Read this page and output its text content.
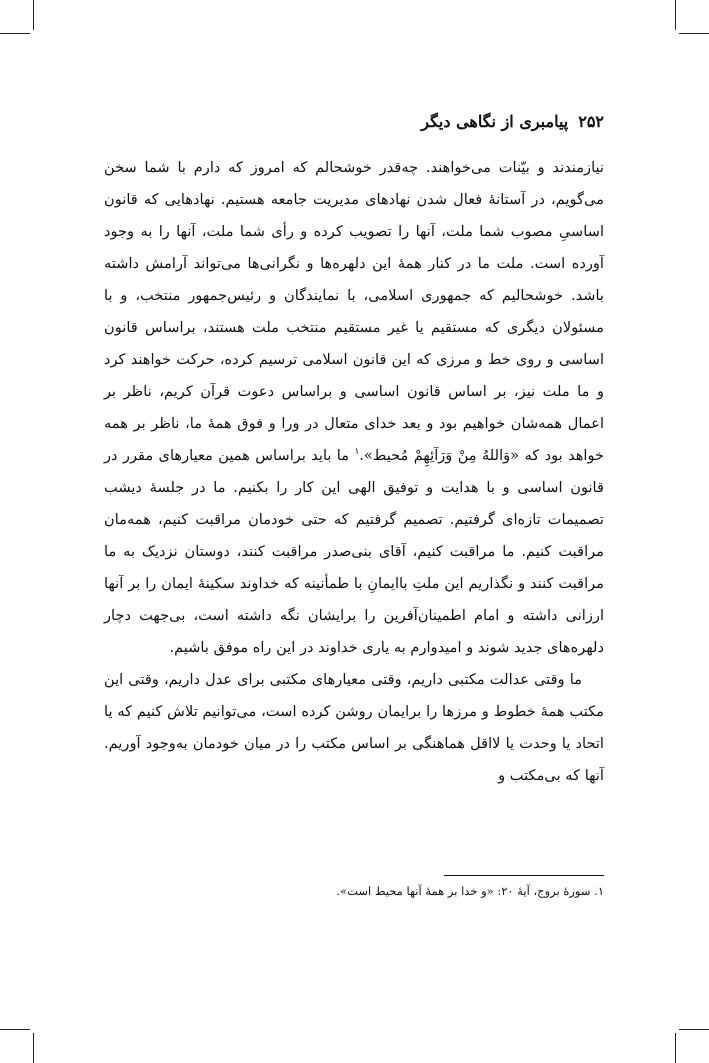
۲۵۲
پیامبری از نگاهی دیگر

نیازمندند و بیّنات می‌خواهند. چه‌قدر خوشحالم که امروز که دارم با شما سخن می‌گویم، در آستانهٔ فعال شدن نهادهای مدیریت جامعه هستیم. نهادهایی که قانون اساسیِ مصوب شما ملت، آنها را تصویب کرده و رأی شما ملت، آنها را به وجود آورده است. ملت ما در کنار همهٔ این دلهره‌ها و نگرانی‌ها می‌تواند آرامش داشته باشد. خوشحالیم که جمهوری اسلامی، با نمایندگان و رئیس‌جمهور منتخب، و با مسئولان دیگری که مستقیم یا غیر مستقیم منتخب ملت هستند، براساس قانون اساسی و روی خط و مرزی که این قانون اسلامی ترسیم کرده، حرکت خواهند کرد و ما ملت نیز، بر اساس قانون اساسی و براساس دعوت قرآن کریم، ناظر بر اعمال همه‌شان خواهیم بود و بعد خدای متعال در ورا و فوق همهٔ ما، ناظر بر همه خواهد بود که «وَاللهُ مِنْ وَرَآئِهِمْ مُحیط».$^۱$ ما باید براساس همین معیارهای مقرر در قانون اساسی و با هدایت و توفیق الهی این کار را بکنیم. ما در جلسهٔ دیشب تصمیمات تازه‌ای گرفتیم. تصمیم گرفتیم که حتی خودمان مراقبت کنیم، همه‌مان مراقبت کنیم. ما مراقبت کنیم، آقای بنی‌صدر مراقبت کنند، دوستان نزدیک به ما مراقبت کنند و نگذاریم این ملتِ باایمانِ با طمأنینه که خداوند سکینهٔ ایمان را بر آنها ارزانی داشته و امام اطمینان‌آفرین را برایشان نگه داشته است، بی‌جهت دچار دلهره‌های جدید شوند و امیدوارم به یاری خداوند در این راه موفق باشیم.

ما وقتی عدالت مکتبی داریم، وقتی معیارهای مکتبی برای عدل داریم، وقتی این مکتب همهٔ خطوط و مرزها را برایمان روشن کرده است، می‌توانیم تلاش کنیم که یا اتحاد یا وحدت یا لااقل هماهنگی بر اساس مکتب را در میان خودمان به‌وجود آوریم. آنها که بی‌مکتب و

۱. سورهٔ بروج، آیهٔ ۲۰: «و خدا بر همهٔ آنها محیط است».
